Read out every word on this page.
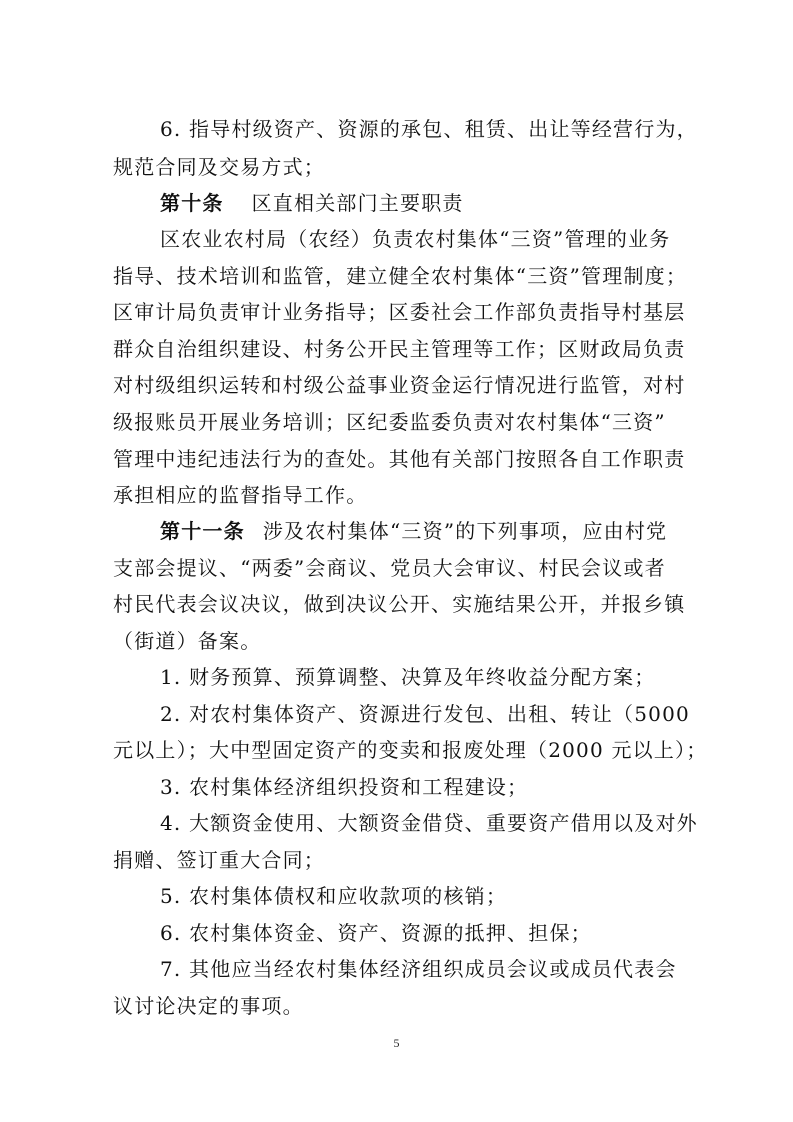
6. 指导村级资产、资源的承包、租赁、出让等经营行为，
规范合同及交易方式；
第十条 区直相关部门主要职责
区农业农村局（农经）负责农村集体“三资”管理的业务
指导、技术培训和监管，建立健全农村集体“三资”管理制度；
区审计局负责审计业务指导；区委社会工作部负责指导村基层
群众自治组织建设、村务公开民主管理等工作；区财政局负责
对村级组织运转和村级公益事业资金运行情况进行监管，对村
级报账员开展业务培训；区纪委监委负责对农村集体“三资”
管理中违纪违法行为的查处。其他有关部门按照各自工作职责
承担相应的监督指导工作。
第十一条 涉及农村集体“三资”的下列事项，应由村党
支部会提议、“两委”会商议、党员大会审议、村民会议或者
村民代表会议决议，做到决议公开、实施结果公开，并报乡镇
（街道）备案。
1. 财务预算、预算调整、决算及年终收益分配方案；
2. 对农村集体资产、资源进行发包、出租、转让（5000
元以上）；大中型固定资产的变卖和报废处理（2000 元以上）；
3. 农村集体经济组织投资和工程建设；
4. 大额资金使用、大额资金借贷、重要资产借用以及对外
捐赠、签订重大合同；
5. 农村集体债权和应收款项的核销；
6. 农村集体资金、资产、资源的抵押、担保；
7. 其他应当经农村集体经济组织成员会议或成员代表会
议讨论决定的事项。
5
